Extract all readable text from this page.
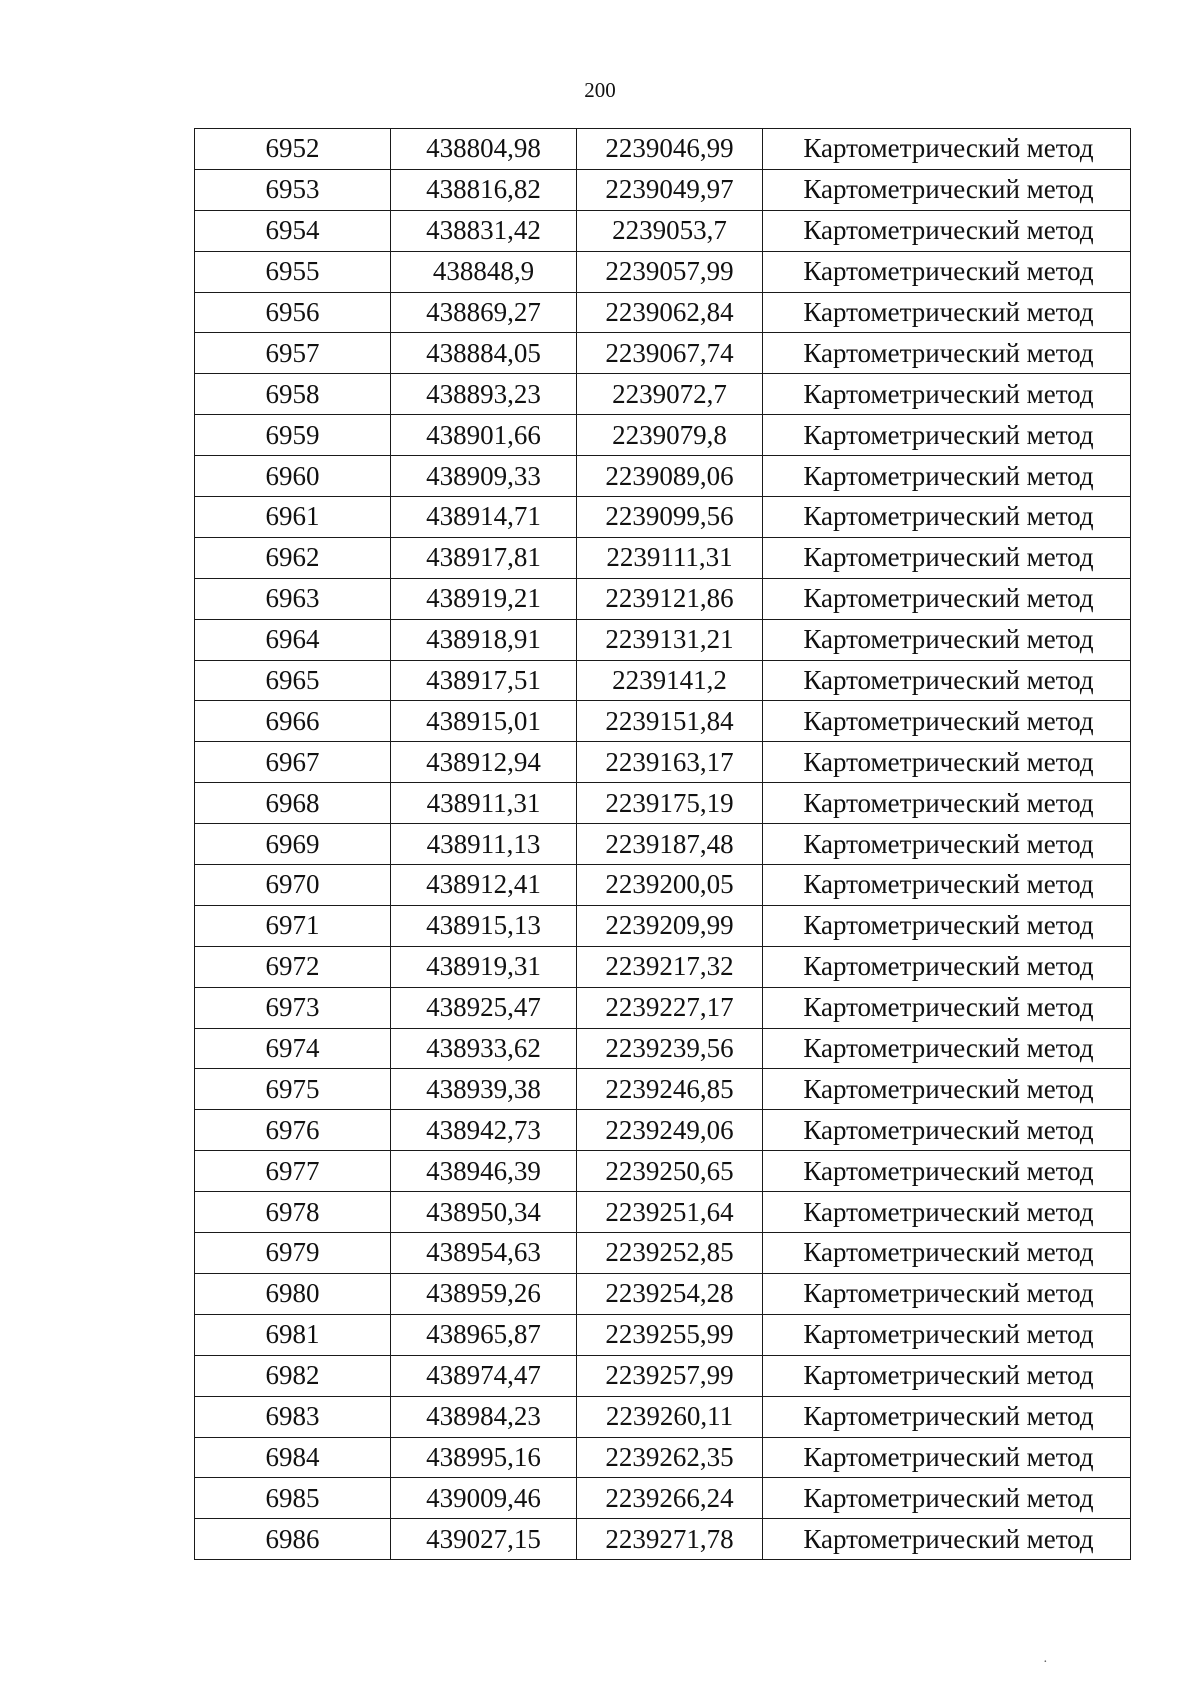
200
6952	438804,98	2239046,99	Картометрический метод
6953	438816,82	2239049,97	Картометрический метод
6954	438831,42	2239053,7	Картометрический метод
6955	438848,9	2239057,99	Картометрический метод
6956	438869,27	2239062,84	Картометрический метод
6957	438884,05	2239067,74	Картометрический метод
6958	438893,23	2239072,7	Картометрический метод
6959	438901,66	2239079,8	Картометрический метод
6960	438909,33	2239089,06	Картометрический метод
6961	438914,71	2239099,56	Картометрический метод
6962	438917,81	2239111,31	Картометрический метод
6963	438919,21	2239121,86	Картометрический метод
6964	438918,91	2239131,21	Картометрический метод
6965	438917,51	2239141,2	Картометрический метод
6966	438915,01	2239151,84	Картометрический метод
6967	438912,94	2239163,17	Картометрический метод
6968	438911,31	2239175,19	Картометрический метод
6969	438911,13	2239187,48	Картометрический метод
6970	438912,41	2239200,05	Картометрический метод
6971	438915,13	2239209,99	Картометрический метод
6972	438919,31	2239217,32	Картометрический метод
6973	438925,47	2239227,17	Картометрический метод
6974	438933,62	2239239,56	Картометрический метод
6975	438939,38	2239246,85	Картометрический метод
6976	438942,73	2239249,06	Картометрический метод
6977	438946,39	2239250,65	Картометрический метод
6978	438950,34	2239251,64	Картометрический метод
6979	438954,63	2239252,85	Картометрический метод
6980	438959,26	2239254,28	Картометрический метод
6981	438965,87	2239255,99	Картометрический метод
6982	438974,47	2239257,99	Картометрический метод
6983	438984,23	2239260,11	Картометрический метод
6984	438995,16	2239262,35	Картометрический метод
6985	439009,46	2239266,24	Картометрический метод
6986	439027,15	2239271,78	Картометрический метод
·
